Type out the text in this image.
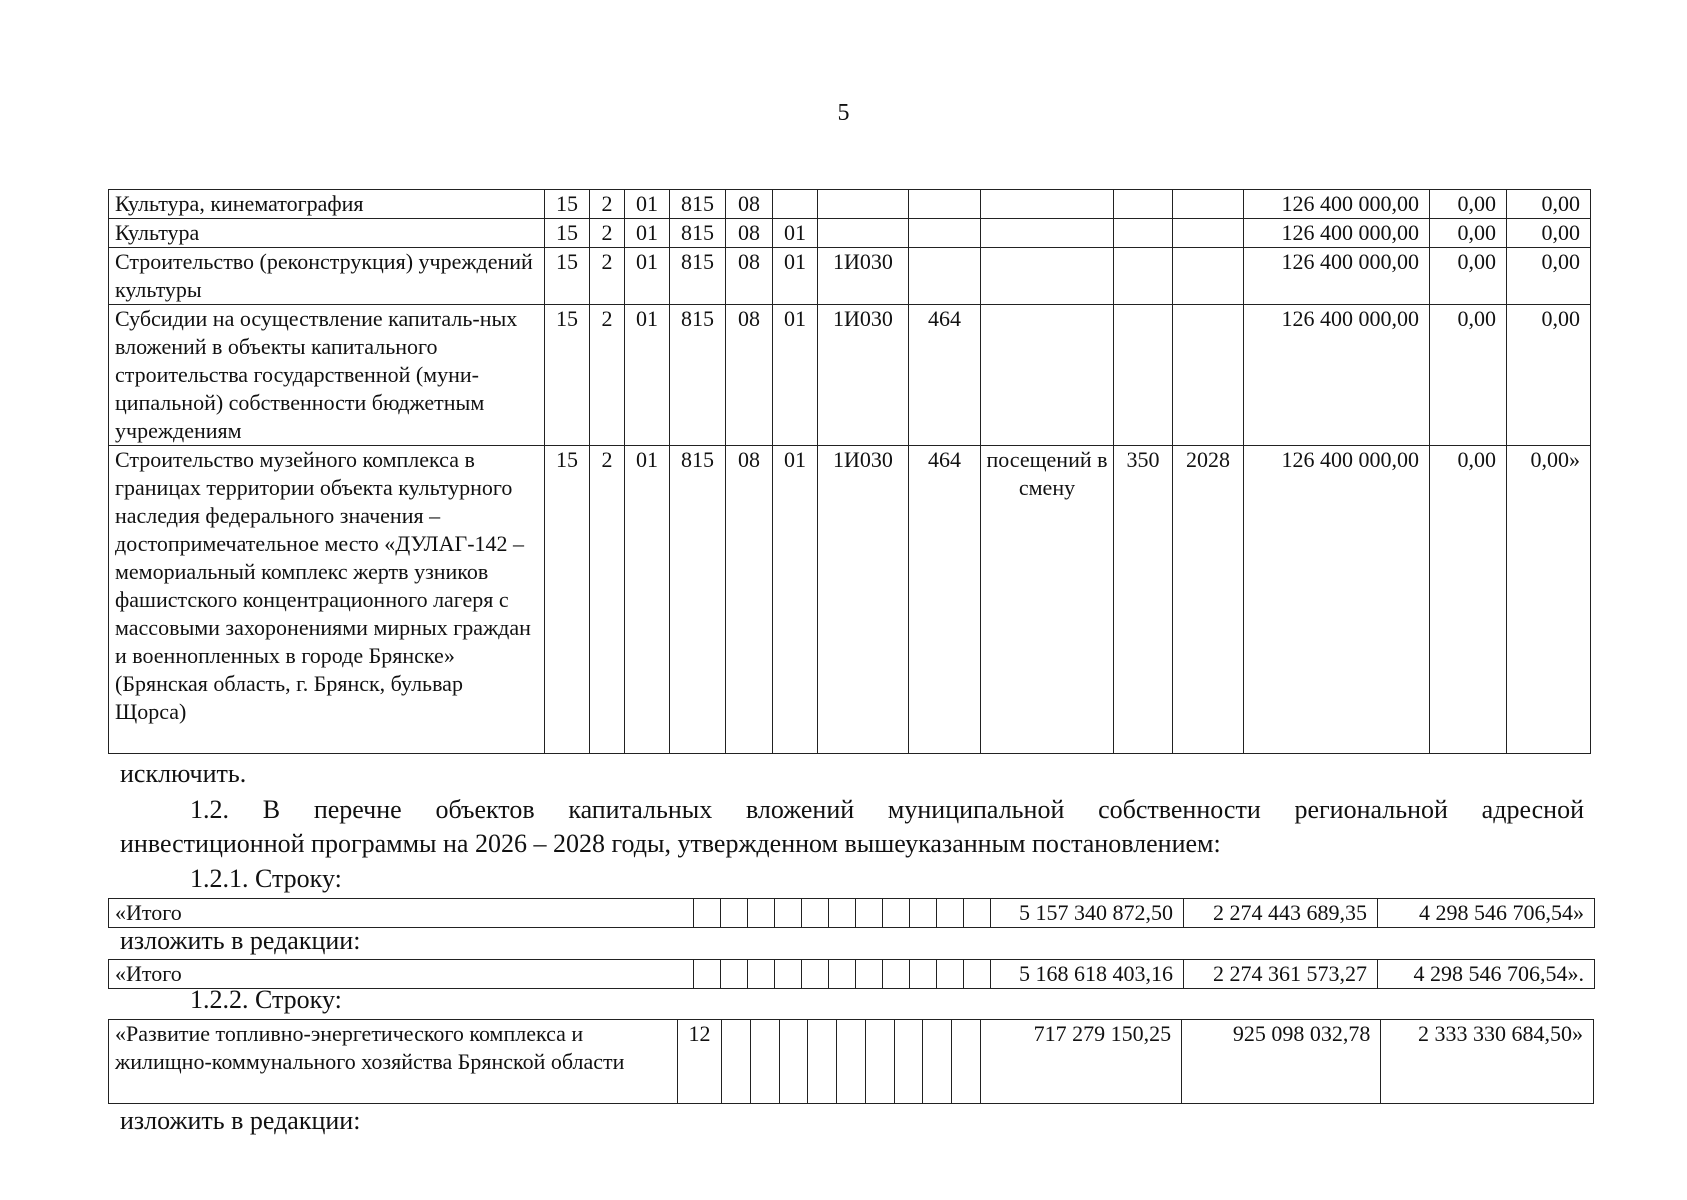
5
Культура, кинематография	15	2	01	815	08							126 400 000,00	0,00	0,00
Культура	15	2	01	815	08	01						126 400 000,00	0,00	0,00
Строительство (реконструкция) учреждений культуры	15	2	01	815	08	01	1И030					126 400 000,00	0,00	0,00
Субсидии на осуществление капиталь-ных вложений в объекты капитального строительства государственной (муни-ципальной) собственности бюджетным учреждениям	15	2	01	815	08	01	1И030	464				126 400 000,00	0,00	0,00
Строительство музейного комплекса в границах территории объекта культурного наследия федерального значения – достопримечательное место «ДУЛАГ-142 – мемориальный комплекс жертв узников фашистского концентрационного лагеря с массовыми захоронениями мирных граждан и военнопленных в городе Брянске» (Брянская область, г. Брянск, бульвар Щорса)	15	2	01	815	08	01	1И030	464	посещений в смену	350	2028	126 400 000,00	0,00	0,00»
исключить.
1.2. В перечне объектов капитальных вложений муниципальной собственности региональной адресной
инвестиционной программы на 2026 – 2028 годы, утвержденном вышеуказанным постановлением:
1.2.1. Строку:
«Итого												5 157 340 872,50	2 274 443 689,35	4 298 546 706,54»
изложить в редакции:
«Итого												5 168 618 403,16	2 274 361 573,27	4 298 546 706,54».
1.2.2. Строку:
«Развитие топливно-энергетического комплекса и жилищно-коммунального хозяйства Брянской области	12										717 279 150,25	925 098 032,78	2 333 330 684,50»
изложить в редакции:
